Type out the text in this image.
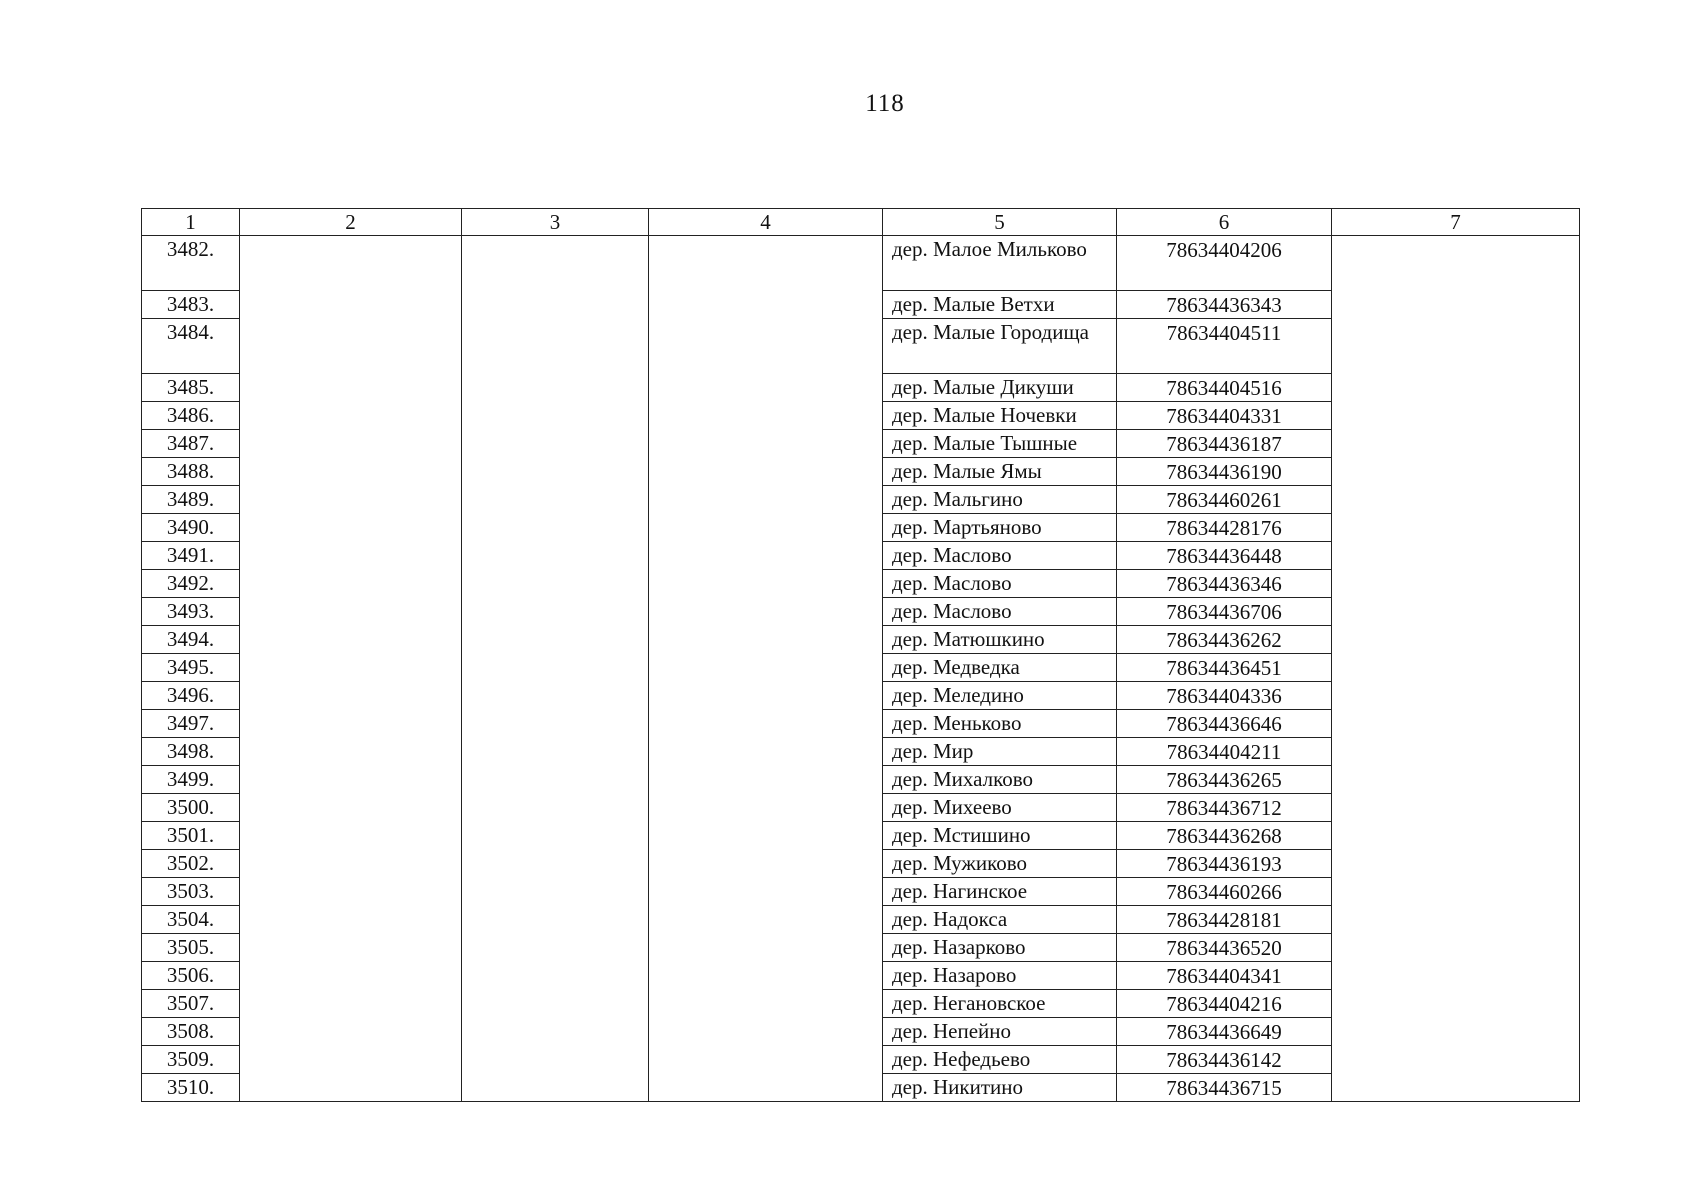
118
1	2	3	4	5	6	7
3482.				дер. Малое Мильково	78634404206	
3483.				дер. Малые Ветхи	78634436343	
3484.				дер. Малые Городища	78634404511	
3485.				дер. Малые Дикуши	78634404516	
3486.				дер. Малые Ночевки	78634404331	
3487.				дер. Малые Тышные	78634436187	
3488.				дер. Малые Ямы	78634436190	
3489.				дер. Мальгино	78634460261	
3490.				дер. Мартьяново	78634428176	
3491.				дер. Маслово	78634436448	
3492.				дер. Маслово	78634436346	
3493.				дер. Маслово	78634436706	
3494.				дер. Матюшкино	78634436262	
3495.				дер. Медведка	78634436451	
3496.				дер. Меледино	78634404336	
3497.				дер. Меньково	78634436646	
3498.				дер. Мир	78634404211	
3499.				дер. Михалково	78634436265	
3500.				дер. Михеево	78634436712	
3501.				дер. Мстишино	78634436268	
3502.				дер. Мужиково	78634436193	
3503.				дер. Нагинское	78634460266	
3504.				дер. Надокса	78634428181	
3505.				дер. Назарково	78634436520	
3506.				дер. Назарово	78634404341	
3507.				дер. Негановское	78634404216	
3508.				дер. Непейно	78634436649	
3509.				дер. Нефедьево	78634436142	
3510.				дер. Никитино	78634436715	
